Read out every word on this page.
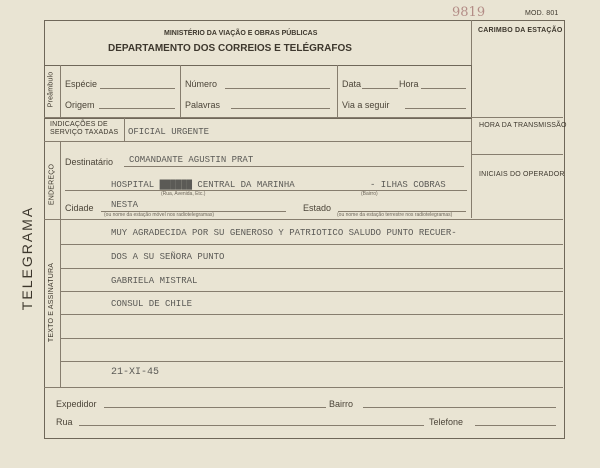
9819	MOD. 801
TELEGRAMA
MINISTÉRIO DA VIAÇÃO E OBRAS PÚBLICAS
DEPARTAMENTO DOS CORREIOS E TELÉGRAFOS
CARIMBO DA ESTAÇÃO
Preâmbulo Espécie	Número	Data	Hora
Origem	Palavras	Via a seguir
INDICAÇÕES DE SERVIÇO TAXADAS	OFICIAL URGENTE
HORA DA TRANSMISSÃO
INICIAIS DO OPERADOR
ENDEREÇO
Destinatário COMANDANTE AGUSTIN PRAT
HOSPITAL ██████ CENTRAL DA MARINHA	- ILHAS COBRAS
(Rua, Avenida, Etc.)	(Bairro)
Cidade NESTA	Estado
(ou nome da estação móvel nos radiotelegramas)	(ou nome da estação terrestre nos radiotelegramas)
TEXTO E ASSINATURA
MUY AGRADECIDA POR SU GENEROSO Y PATRIOTICO SALUDO PUNTO RECUER-
DOS A SU SEÑORA PUNTO
GABRIELA MISTRAL
CONSUL DE CHILE
21-XI-45
Expedidor	Bairro
Rua	Telefone
